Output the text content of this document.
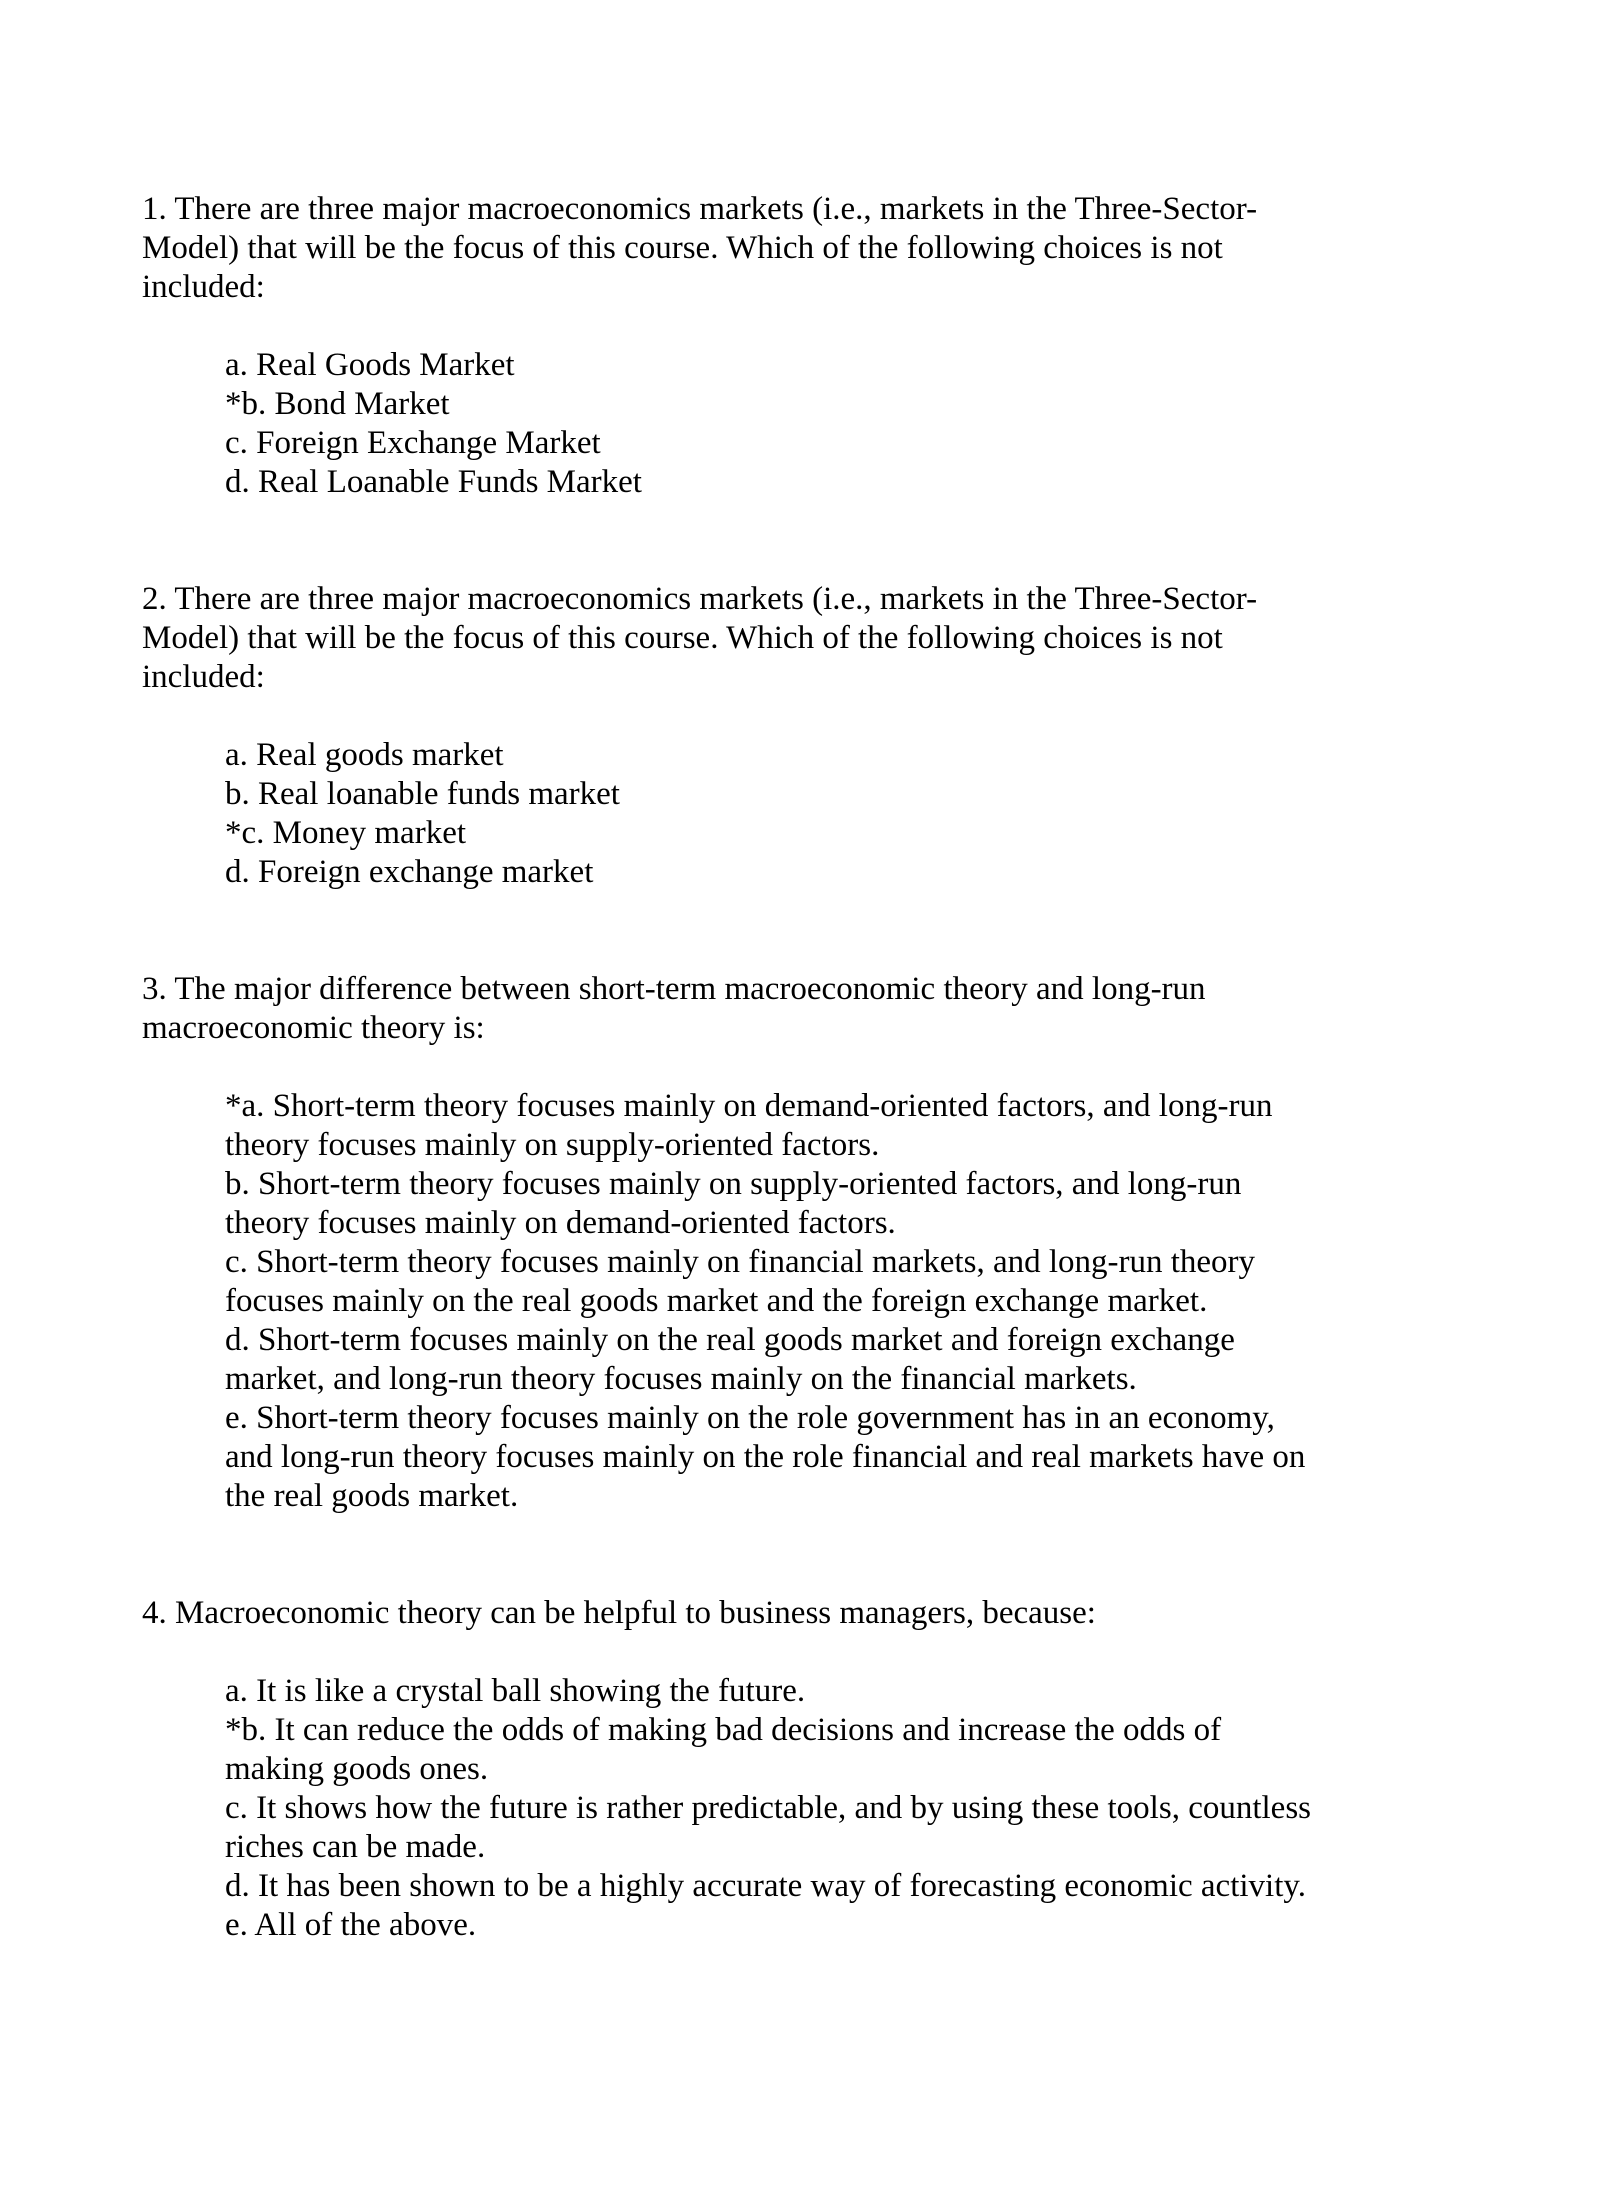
1. There are three major macroeconomics markets (i.e., markets in the Three-Sector-
Model) that will be the focus of this course. Which of the following choices is not
included:
a. Real Goods Market
*b. Bond Market
c. Foreign Exchange Market
d. Real Loanable Funds Market
2. There are three major macroeconomics markets (i.e., markets in the Three-Sector-
Model) that will be the focus of this course. Which of the following choices is not
included:
a. Real goods market
b. Real loanable funds market
*c. Money market
d. Foreign exchange market
3. The major difference between short-term macroeconomic theory and long-run
macroeconomic theory is:
*a. Short-term theory focuses mainly on demand-oriented factors, and long-run
theory focuses mainly on supply-oriented factors.
b. Short-term theory focuses mainly on supply-oriented factors, and long-run
theory focuses mainly on demand-oriented factors.
c. Short-term theory focuses mainly on financial markets, and long-run theory
focuses mainly on the real goods market and the foreign exchange market.
d. Short-term focuses mainly on the real goods market and foreign exchange
market, and long-run theory focuses mainly on the financial markets.
e. Short-term theory focuses mainly on the role government has in an economy,
and long-run theory focuses mainly on the role financial and real markets have on
the real goods market.
4. Macroeconomic theory can be helpful to business managers, because:
a. It is like a crystal ball showing the future.
*b. It can reduce the odds of making bad decisions and increase the odds of
making goods ones.
c. It shows how the future is rather predictable, and by using these tools, countless
riches can be made.
d. It has been shown to be a highly accurate way of forecasting economic activity.
e. All of the above.
